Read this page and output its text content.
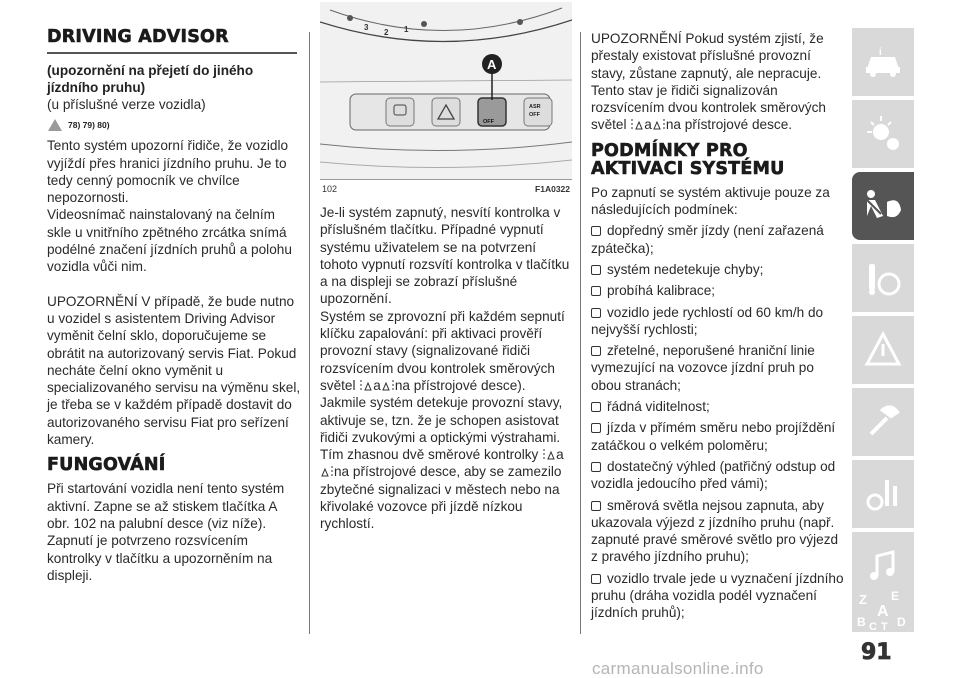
DRIVING ADVISOR
(upozornění na přejetí do jiného
jízdního pruhu)

(u příslušné verze vozidla)

78) 79) 80)

Tento systém upozorní řidiče, že vozidlo vyjíždí přes hranici jízdního pruhu. Je to tedy cenný pomocník ve chvílce nepozornosti.

Videosnímač nainstalovaný na čelním skle u vnitřního zpětného zrcátka snímá podélné značení jízdních pruhů a polohu vozidla vůči nim.

UPOZORNĚNÍ V případě, že bude nutno u vozidel s asistentem Driving Advisor vyměnit čelní sklo, doporučujeme se obrátit na autorizovaný servis Fiat. Pokud necháte čelní okno vyměnit u specializovaného servisu na výměnu skel, je třeba se v každém případě dostavit do autorizovaného servisu Fiat pro seřízení kamery.

FUNGOVÁNÍ

Při startování vozidla není tento systém aktivní. Zapne se až stiskem tlačítka A obr. 102 na palubní desce (viz níže). Zapnutí je potvrzeno rozsvícením kontrolky v tlačítku a upozorněním na displeji.

3
2 1
OFF
ASR
OFF
A
102	F1A0322

Je-li systém zapnutý, nesvítí kontrolka v příslušném tlačítku. Případné vypnutí systému uživatelem se na potvrzení tohoto vypnutí rozsvítí kontrolka v tlačítku a na displeji se zobrazí příslušné upozornění.

Systém se zprovozní při každém sepnutí klíčku zapalování: při aktivaci prověří provozní stavy (signalizované řidiči rozsvícením dvou kontrolek směrových světel a na přístrojové desce).

Jakmile systém detekuje provozní stavy, aktivuje se, tzn. že je schopen asistovat řidiči zvukovými a optickými výstrahami. Tím zhasnou dvě směrové kontrolky ana přístrojové desce, aby se zamezilo zbytečné signalizaci v městech nebo na křivolaké vozovce při jízdě nízkou rychlostí.

UPOZORNĚNÍ Pokud systém zjistí, že přestaly existovat příslušné provozní stavy, zůstane zapnutý, ale nepracuje. Tento stav je řidiči signalizován rozsvícením dvou kontrolek směrových světel a na přístrojové desce.

PODMÍNKY PRO
AKTIVACI SYSTÉMU

Po zapnutí se systém aktivuje pouze za následujících podmínek:

dopředný směr jízdy (není zařazená zpátečka);
systém nedetekuje chyby;
probíhá kalibrace;
vozidlo jede rychlostí od 60 km/h do nejvyšší rychlosti;
zřetelné, neporušené hraniční linie vymezující na vozovce jízdní pruh po obou stranách;
řádná viditelnost;
jízda v přímém směru nebo projíždění zatáčkou o velkém poloměru;
dostatečný výhled (patřičný odstup od vozidla jedoucího před vámi);
směrová světla nejsou zapnuta, aby ukazovala výjezd z jízdního pruhu (např. zapnuté pravé směrové světlo pro výjezd z pravého jízdního pruhu);
vozidlo trvale jede u vyznačení jízdního pruhu (dráha vozidla podél vyznačení jízdních pruhů);
i
Z E
A
B C T D
91
carmanualsonline.info
